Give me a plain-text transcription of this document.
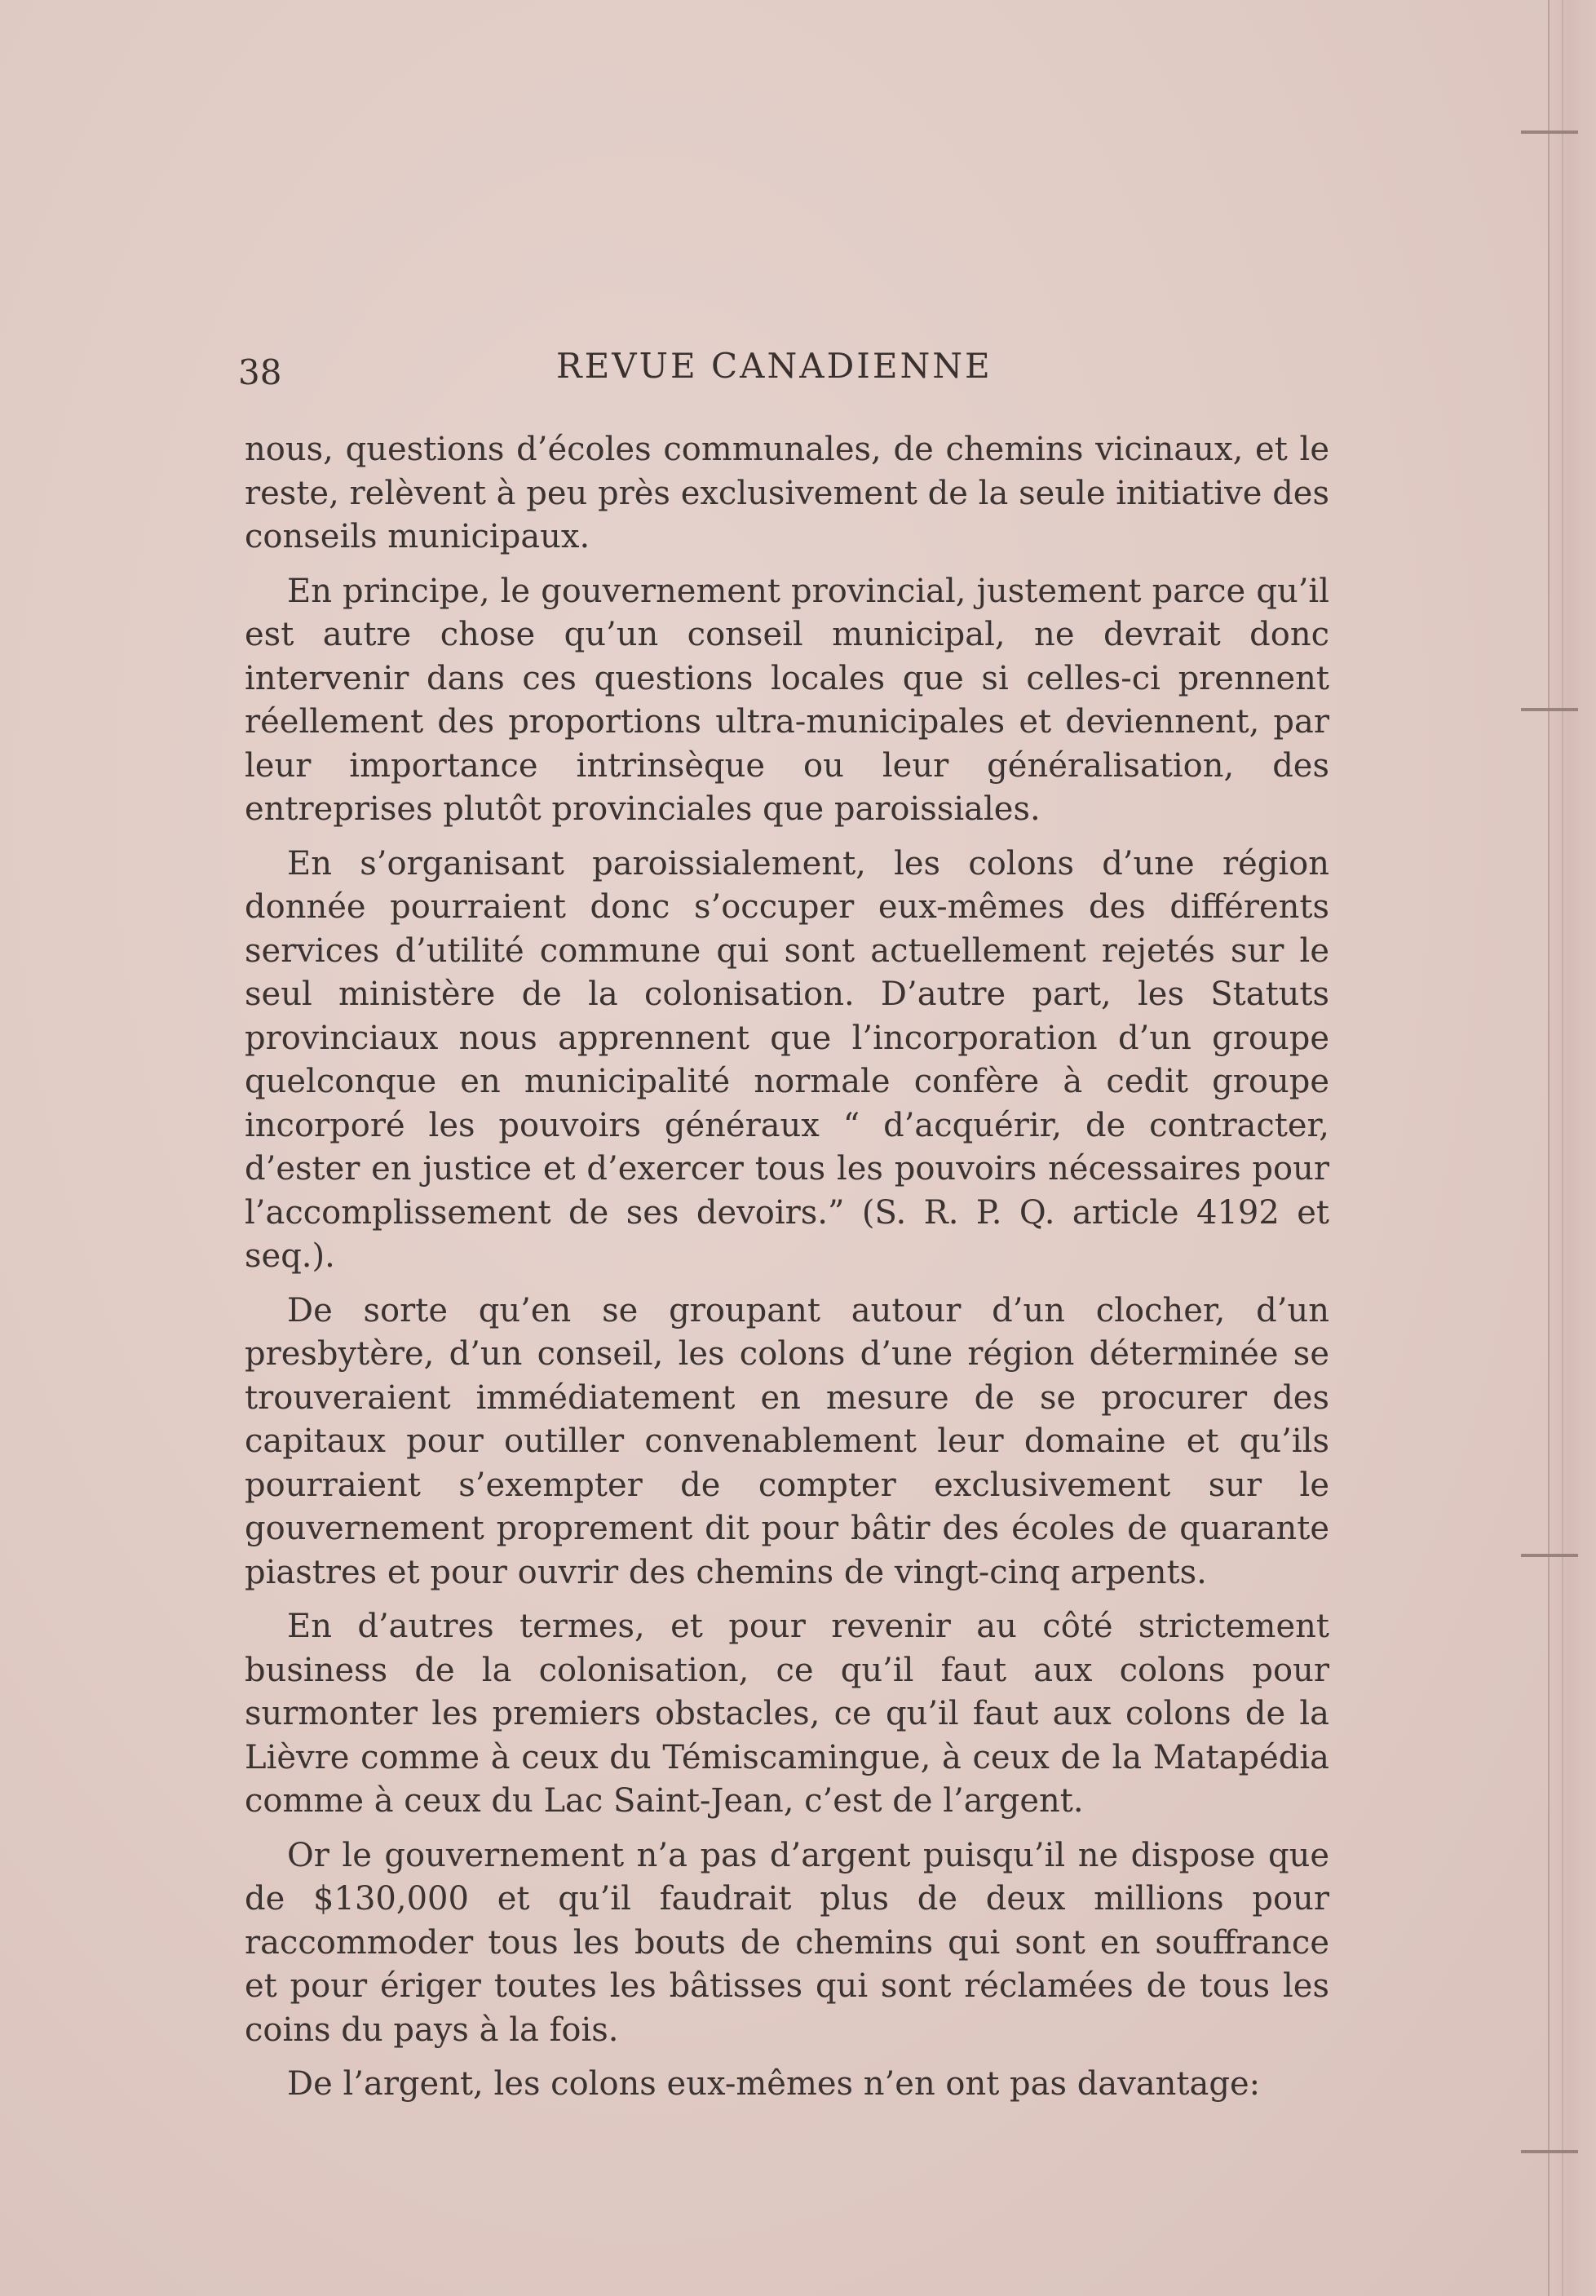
38	REVUE CANADIENNE

nous, questions d’écoles communales, de chemins vicinaux, et le reste, relèvent à peu près exclusivement de la seule initiative des conseils municipaux.

En principe, le gouvernement provincial, justement parce qu’il est autre chose qu’un conseil municipal, ne devrait donc intervenir dans ces questions locales que si celles-ci prennent réellement des proportions ultra-municipales et deviennent, par leur importance intrinsèque ou leur généralisation, des entreprises plutôt provinciales que paroissiales.

En s’organisant paroissialement, les colons d’une région donnée pourraient donc s’occuper eux-mêmes des différents services d’utilité commune qui sont actuellement rejetés sur le seul ministère de la colonisation. D’autre part, les Statuts provinciaux nous apprennent que l’incorporation d’un groupe quelconque en municipalité normale confère à cedit groupe incorporé les pouvoirs généraux “ d’acquérir, de contracter, d’ester en justice et d’exercer tous les pouvoirs nécessaires pour l’accomplissement de ses devoirs.” (S. R. P. Q. article 4192 et seq.).

De sorte qu’en se groupant autour d’un clocher, d’un presbytère, d’un conseil, les colons d’une région déterminée se trouveraient immédiatement en mesure de se procurer des capitaux pour outiller convenablement leur domaine et qu’ils pourraient s’exempter de compter exclusivement sur le gouvernement proprement dit pour bâtir des écoles de quarante piastres et pour ouvrir des chemins de vingt-cinq arpents.

En d’autres termes, et pour revenir au côté strictement business de la colonisation, ce qu’il faut aux colons pour surmonter les premiers obstacles, ce qu’il faut aux colons de la Lièvre comme à ceux du Témiscamingue, à ceux de la Matapédia comme à ceux du Lac Saint-Jean, c’est de l’argent.

Or le gouvernement n’a pas d’argent puisqu’il ne dispose que de $130,000 et qu’il faudrait plus de deux millions pour raccommoder tous les bouts de chemins qui sont en souffrance et pour ériger toutes les bâtisses qui sont réclamées de tous les coins du pays à la fois.

De l’argent, les colons eux-mêmes n’en ont pas davantage:
